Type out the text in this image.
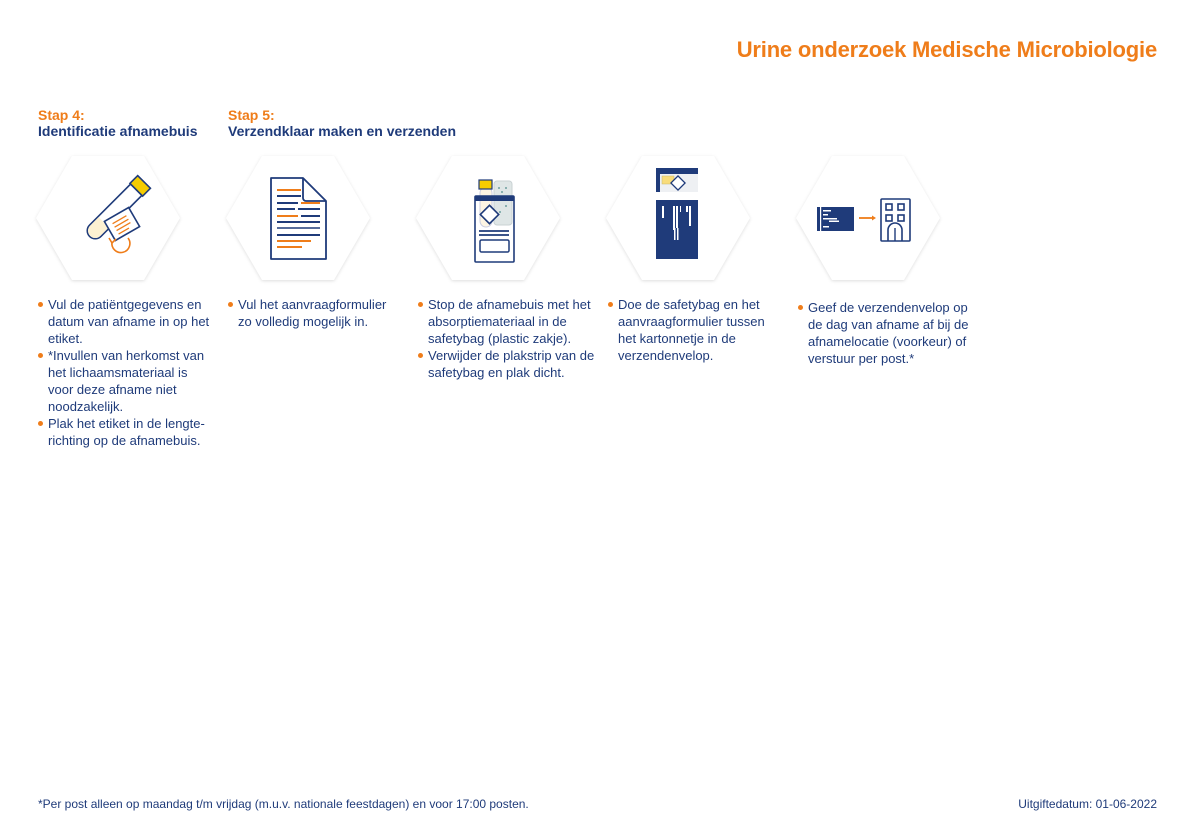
Urine onderzoek Medische Microbiologie
Stap 4:
Identificatie afnamebuis
Stap 5:
Verzendklaar maken en verzenden
Vul de patiëntgegevens en datum van afname in op het etiket.
*Invullen van herkomst van het lichaamsmateriaal is voor deze afname niet noodzakelijk.
Plak het etiket in de lengte-richting op de afnamebuis.
Vul het aanvraagformulier zo volledig mogelijk in.
Stop de afnamebuis met het absorptiemateriaal in de safetybag (plastic zakje).
Verwijder de plakstrip van de safetybag en plak dicht.
Doe de safetybag en het aanvraagformulier tussen het kartonnetje in de verzendenvelop.
Geef de verzendenvelop op de dag van afname af bij de afnamelocatie (voorkeur) of verstuur per post.*
*Per post alleen op maandag t/m vrijdag (m.u.v. nationale feestdagen) en voor 17:00 posten.	Uitgiftedatum: 01-06-2022
